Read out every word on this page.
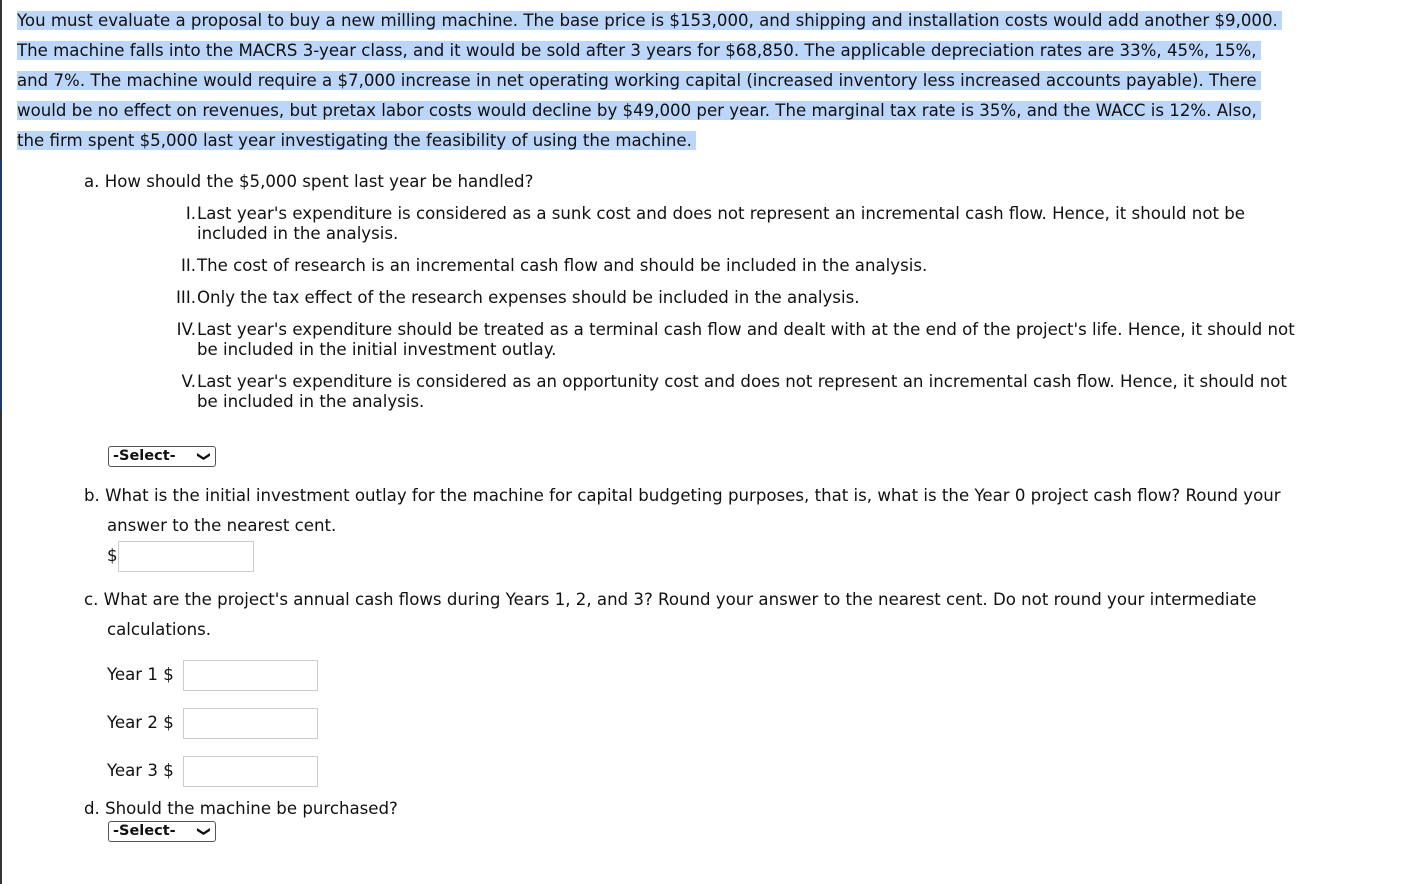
You must evaluate a proposal to buy a new milling machine. The base price is $153,000, and shipping and installation costs would add another $9,000.
The machine falls into the MACRS 3-year class, and it would be sold after 3 years for $68,850. The applicable depreciation rates are 33%, 45%, 15%,
and 7%. The machine would require a $7,000 increase in net operating working capital (increased inventory less increased accounts payable). There
would be no effect on revenues, but pretax labor costs would decline by $49,000 per year. The marginal tax rate is 35%, and the WACC is 12%. Also,
the firm spent $5,000 last year investigating the feasibility of using the machine.
a. How should the $5,000 spent last year be handled?
I. Last year's expenditure is considered as a sunk cost and does not represent an incremental cash flow. Hence, it should not be
included in the analysis.
II. The cost of research is an incremental cash flow and should be included in the analysis.
III. Only the tax effect of the research expenses should be included in the analysis.
IV. Last year's expenditure should be treated as a terminal cash flow and dealt with at the end of the project's life. Hence, it should not
be included in the initial investment outlay.
V. Last year's expenditure is considered as an opportunity cost and does not represent an incremental cash flow. Hence, it should not
be included in the analysis.
-Select- ❯
b. What is the initial investment outlay for the machine for capital budgeting purposes, that is, what is the Year 0 project cash flow? Round your
answer to the nearest cent.
$
c. What are the project's annual cash flows during Years 1, 2, and 3? Round your answer to the nearest cent. Do not round your intermediate
calculations.
Year 1 $
Year 2 $
Year 3 $
d. Should the machine be purchased?
-Select- ❯
